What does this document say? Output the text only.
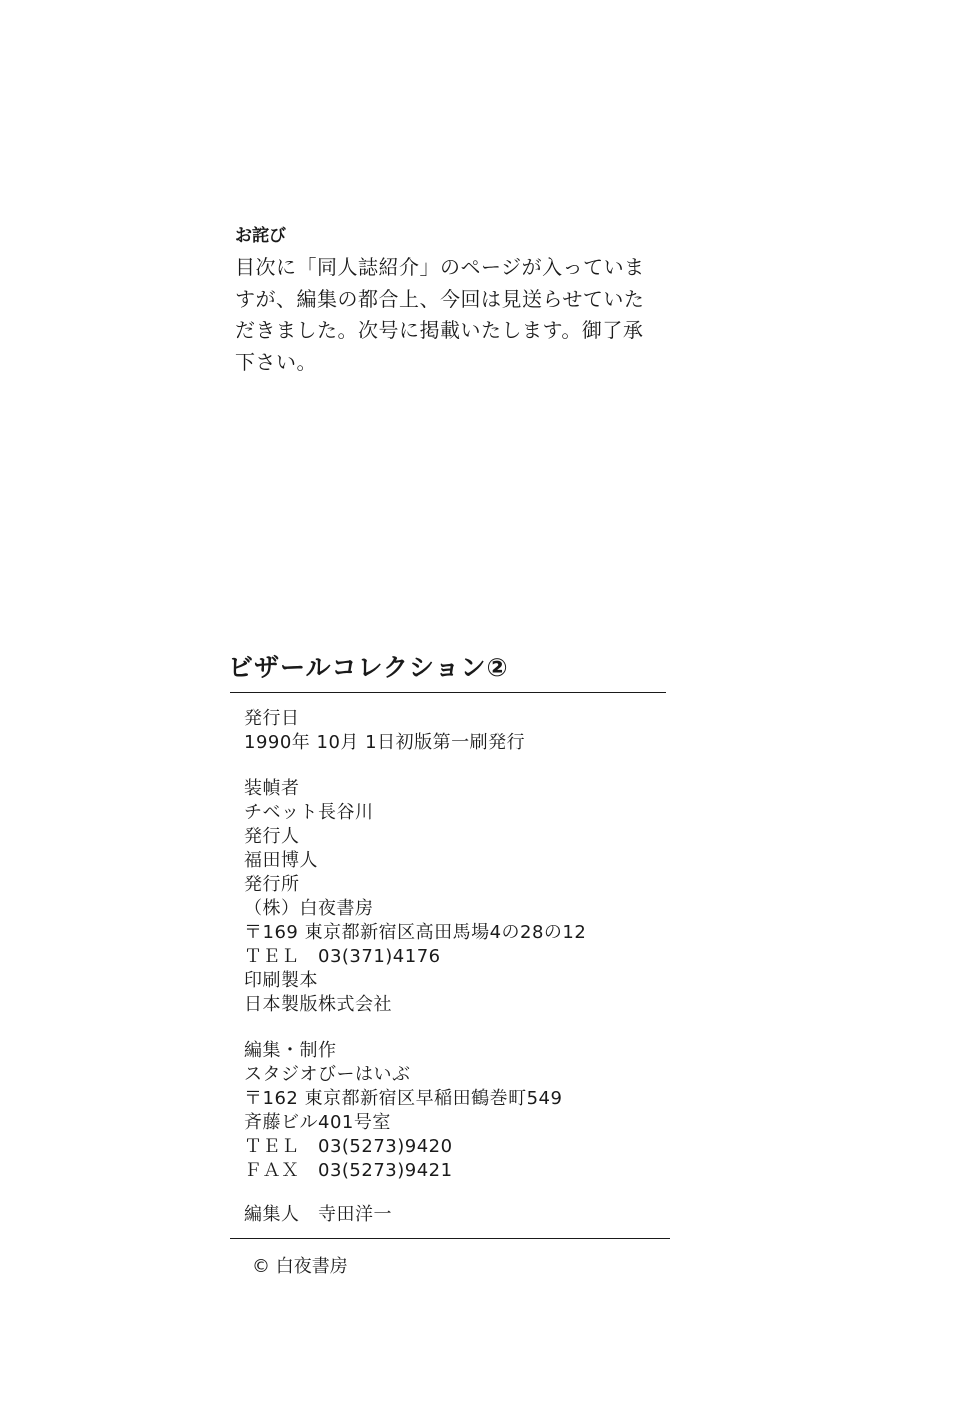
お詫び
目次に「同人誌紹介」のページが入っていま
すが、編集の都合上、今回は見送らせていた
だきました。次号に掲載いたします。御了承
下さい。
ビザールコレクション②
発行日
1990年 10月 1日初版第一刷発行
装幀者
チベット長谷川
発行人
福田博人
発行所
（株）白夜書房
〒169 東京都新宿区高田馬場4の28の12
ＴＥＬ　03(371)4176
印刷製本
日本製版株式会社
編集・制作
スタジオびーはいぶ
〒162 東京都新宿区早稲田鶴巻町549
斉藤ビル401号室
ＴＥＬ　03(5273)9420
ＦＡＸ　03(5273)9421
編集人　寺田洋一
© 白夜書房
